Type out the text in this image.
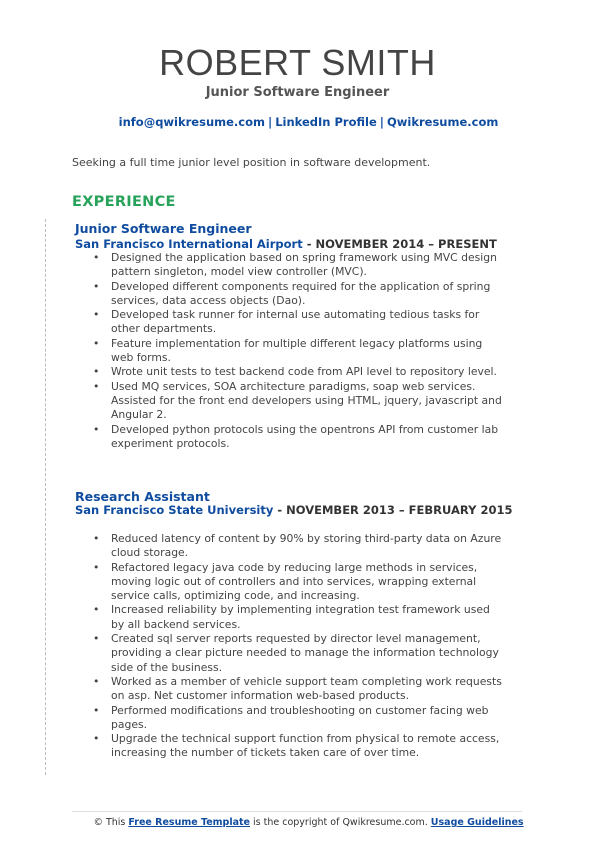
ROBERT SMITH
Junior Software Engineer
info@qwikresume.com | LinkedIn Profile | Qwikresume.com
Seeking a full time junior level position in software development.
EXPERIENCE
Junior Software Engineer
San Francisco International Airport - NOVEMBER 2014 – PRESENT
• Designed the application based on spring framework using MVC design pattern singleton, model view controller (MVC).
• Developed different components required for the application of spring services, data access objects (Dao).
• Developed task runner for internal use automating tedious tasks for other departments.
• Feature implementation for multiple different legacy platforms using web forms.
• Wrote unit tests to test backend code from API level to repository level.
• Used MQ services, SOA architecture paradigms, soap web services. Assisted for the front end developers using HTML, jquery, javascript and Angular 2.
• Developed python protocols using the opentrons API from customer lab experiment protocols.
Research Assistant
San Francisco State University - NOVEMBER 2013 – FEBRUARY 2015
• Reduced latency of content by 90% by storing third-party data on Azure cloud storage.
• Refactored legacy java code by reducing large methods in services, moving logic out of controllers and into services, wrapping external service calls, optimizing code, and increasing.
• Increased reliability by implementing integration test framework used by all backend services.
• Created sql server reports requested by director level management, providing a clear picture needed to manage the information technology side of the business.
• Worked as a member of vehicle support team completing work requests on asp. Net customer information web-based products.
• Performed modifications and troubleshooting on customer facing web pages.
• Upgrade the technical support function from physical to remote access, increasing the number of tickets taken care of over time.
© This Free Resume Template is the copyright of Qwikresume.com. Usage Guidelines
